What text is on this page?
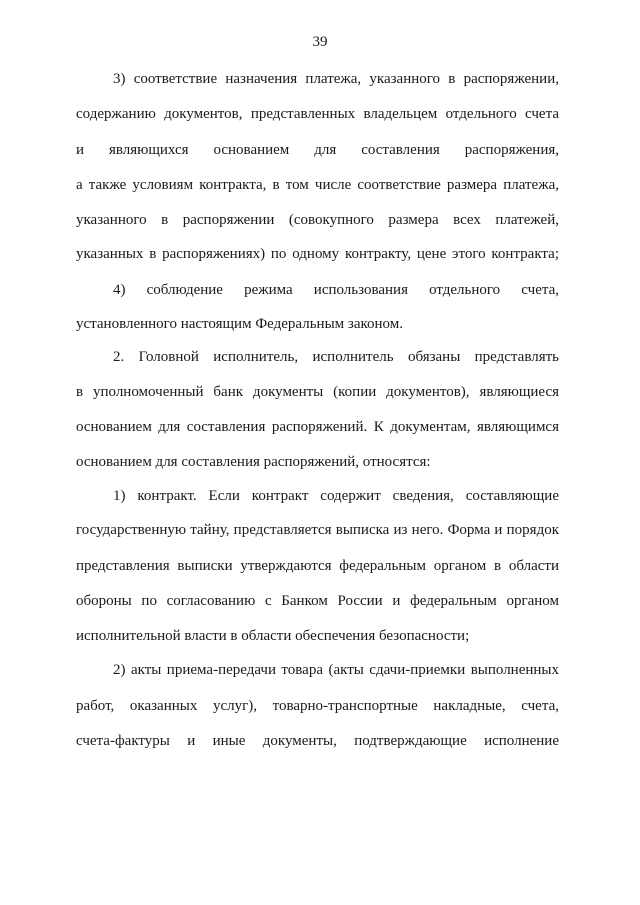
39
3) соответствие назначения платежа, указанного в распоряжении,
содержанию документов, представленных владельцем отдельного счета
и являющихся основанием для составления распоряжения,
а также условиям контракта, в том числе соответствие размера платежа,
указанного в распоряжении (совокупного размера всех платежей,
указанных в распоряжениях) по одному контракту, цене этого контракта;
4) соблюдение режима использования отдельного счета,
установленного настоящим Федеральным законом.
2. Головной исполнитель, исполнитель обязаны представлять
в уполномоченный банк документы (копии документов), являющиеся
основанием для составления распоряжений. К документам, являющимся
основанием для составления распоряжений, относятся:
1) контракт. Если контракт содержит сведения, составляющие
государственную тайну, представляется выписка из него. Форма и порядок
представления выписки утверждаются федеральным органом в области
обороны по согласованию с Банком России и федеральным органом
исполнительной власти в области обеспечения безопасности;
2) акты приема-передачи товара (акты сдачи-приемки выполненных
работ, оказанных услуг), товарно-транспортные накладные, счета,
счета-фактуры и иные документы, подтверждающие исполнение
